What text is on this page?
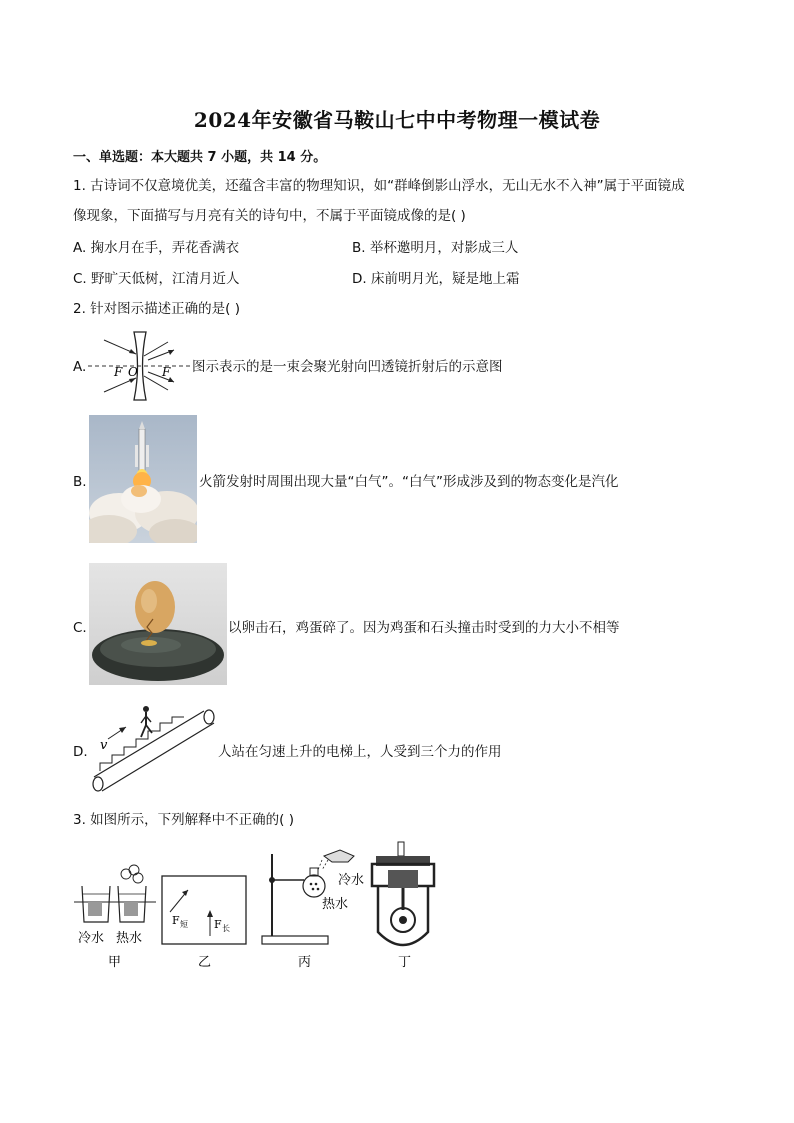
2024年安徽省马鞍山七中中考物理一模试卷
一、单选题：本大题共 7 小题，共 14 分。
1. 古诗词不仅意境优美，还蕴含丰富的物理知识，如“群峰倒影山浮水，无山无水不入神”属于平面镜成
像现象，下面描写与月亮有关的诗句中，不属于平面镜成像的是( )
A. 掬水月在手，弄花香满衣	B. 举杯邀明月，对影成三人
C. 野旷天低树，江清月近人	D. 床前明月光，疑是地上霜
2. 针对图示描述正确的是( )
A. F O F 图示表示的是一束会聚光射向凹透镜折射后的示意图
B.	火箭发射时周围出现大量“白气”。“白气”形成涉及到的物态变化是汽化
C.	以卵击石，鸡蛋碎了。因为鸡蛋和石头撞击时受到的力大小不相等
D. v	人站在匀速上升的电梯上，人受到三个力的作用
3. 如图所示，下列解释中不正确的( )
冷水 热水
甲
F 短 F 长
乙
冷水
热水
丙	丁
